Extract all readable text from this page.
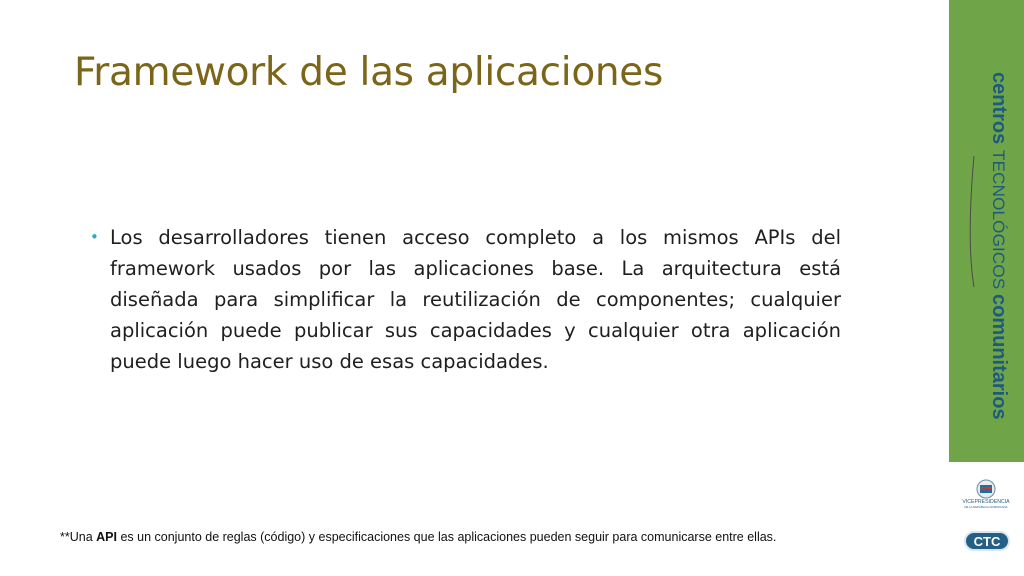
Framework de las aplicaciones
• Los desarrolladores tienen acceso completo a los mismos APIs del framework usados por las aplicaciones base. La arquitectura está diseñada para simplificar la reutilización de componentes; cualquier aplicación puede publicar sus capacidades y cualquier otra aplicación puede luego hacer uso de esas capacidades.
**Una API es un conjunto de reglas (código) y especificaciones que las aplicaciones pueden seguir para comunicarse entre ellas.
centros
TECNOLÓGICOS
comunitarios
VICEPRESIDENCIA
DE LA REPÚBLICA DOMINICANA
CTC
